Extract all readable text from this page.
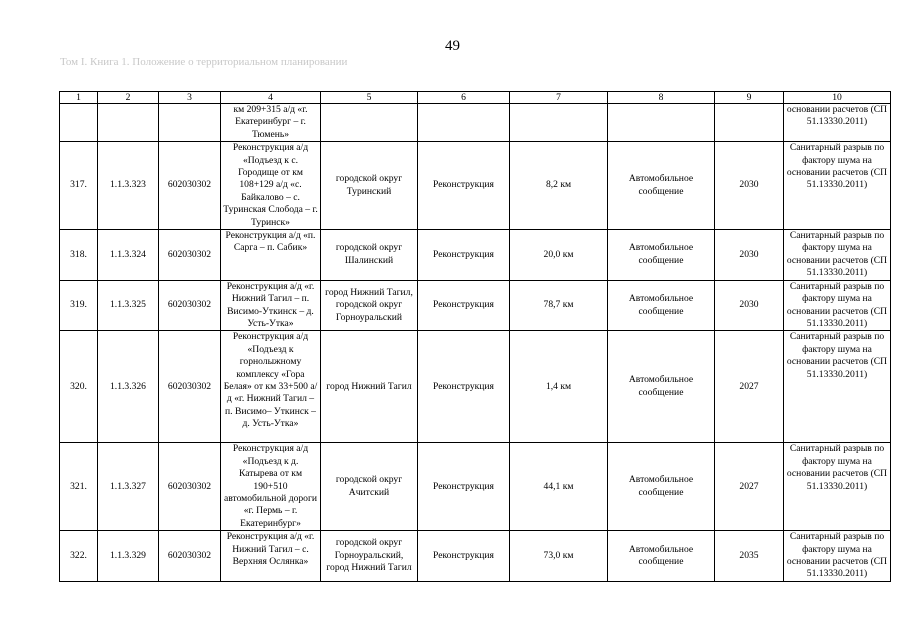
49
Том I. Книга 1. Положение о территориальном планировании
1	2	3	4	5	6	7	8	9	10
			км 209+315 а/д «г. Екатеринбург – г. Тюмень»						основании расчетов (СП 51.13330.2011)
317.	1.1.3.323	602030302	Реконструкция а/д «Подъезд к с. Городище от км 108+129 а/д «с. Байкалово – с. Туринская Слобода – г. Туринск»	городской округ Туринский	Реконструкция	8,2 км	Автомобильное сообщение	2030	Санитарный разрыв по фактору шума на основании расчетов (СП 51.13330.2011)
318.	1.1.3.324	602030302	Реконструкция а/д «п. Сарга – п. Сабик»	городской округ Шалинский	Реконструкция	20,0 км	Автомобильное сообщение	2030	Санитарный разрыв по фактору шума на основании расчетов (СП 51.13330.2011)
319.	1.1.3.325	602030302	Реконструкция а/д «г. Нижний Тагил – п. Висимо-Уткинск – д. Усть-Утка»	город Нижний Тагил, городской округ Горноуральский	Реконструкция	78,7 км	Автомобильное сообщение	2030	Санитарный разрыв по фактору шума на основании расчетов (СП 51.13330.2011)
320.	1.1.3.326	602030302	Реконструкция а/д «Подъезд к горнолыжному комплексу «Гора Белая» от км 33+500 а/д «г. Нижний Тагил – п. Висимо– Уткинск – д. Усть-Утка»	город Нижний Тагил	Реконструкция	1,4 км	Автомобильное сообщение	2027	Санитарный разрыв по фактору шума на основании расчетов (СП 51.13330.2011)
321.	1.1.3.327	602030302	Реконструкция а/д «Подъезд к д. Катырева от км 190+510 автомобильной дороги «г. Пермь – г. Екатеринбург»	городской округ Ачитский	Реконструкция	44,1 км	Автомобильное сообщение	2027	Санитарный разрыв по фактору шума на основании расчетов (СП 51.13330.2011)
322.	1.1.3.329	602030302	Реконструкция а/д «г. Нижний Тагил – с. Верхняя Ослянка»	городской округ Горноуральский, город Нижний Тагил	Реконструкция	73,0 км	Автомобильное сообщение	2035	Санитарный разрыв по фактору шума на основании расчетов (СП 51.13330.2011)
